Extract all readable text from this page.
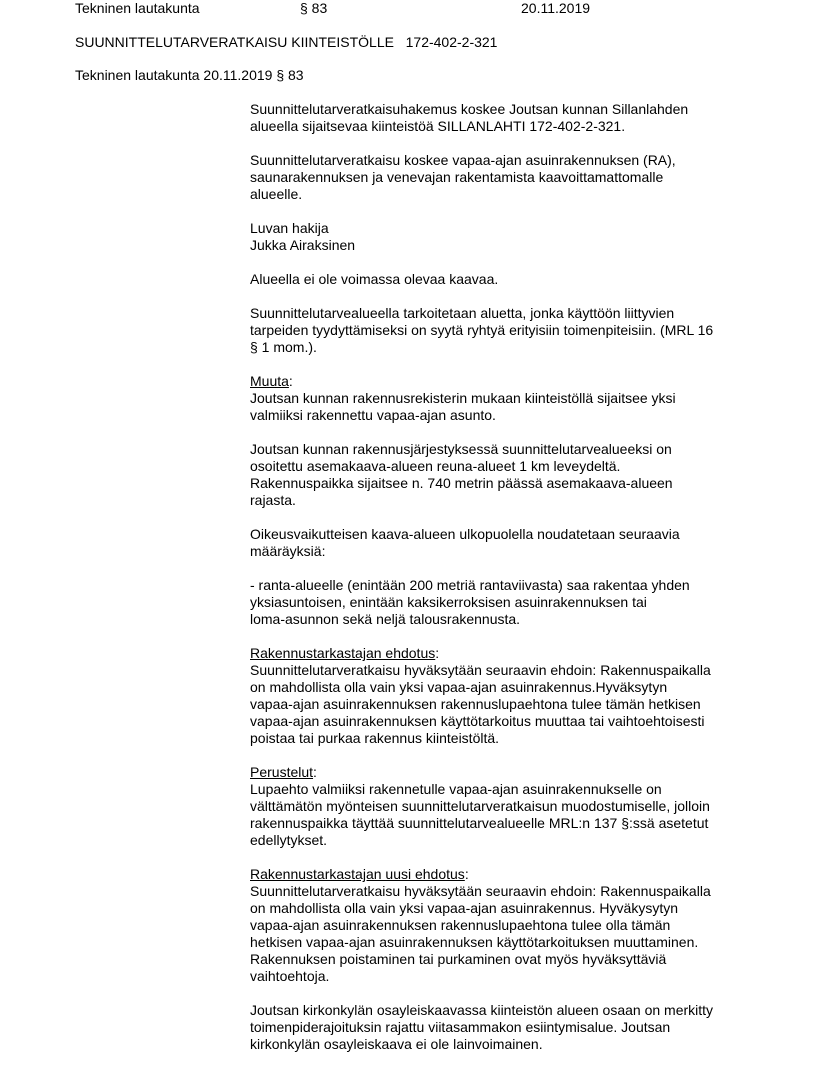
Tekninen lautakunta	§ 83	20.11.2019
SUUNNITTELUTARVERATKAISU KIINTEISTÖLLE   172-402-2-321
Tekninen lautakunta 20.11.2019 § 83
Suunnittelutarveratkaisuhakemus koskee Joutsan kunnan Sillanlahden
alueella sijaitsevaa kiinteistöä SILLANLAHTI 172-402-2-321.
Suunnittelutarveratkaisu koskee vapaa-ajan asuinrakennuksen (RA),
saunarakennuksen ja venevajan rakentamista kaavoittamattomalle
alueelle.
Luvan hakija
Jukka Airaksinen
Alueella ei ole voimassa olevaa kaavaa.
Suunnittelutarvealueella tarkoitetaan aluetta, jonka käyttöön liittyvien
tarpeiden tyydyttämiseksi on syytä ryhtyä erityisiin toimenpiteisiin. (MRL 16
§ 1 mom.).
Muuta:
Joutsan kunnan rakennusrekisterin mukaan kiinteistöllä sijaitsee yksi
valmiiksi rakennettu vapaa-ajan asunto.
Joutsan kunnan rakennusjärjestyksessä suunnittelutarvealueeksi on
osoitettu asemakaava-alueen reuna-alueet 1 km leveydeltä.
Rakennuspaikka sijaitsee n. 740 metrin päässä asemakaava-alueen
rajasta.
Oikeusvaikutteisen kaava-alueen ulkopuolella noudatetaan seuraavia
määräyksiä:
- ranta-alueelle (enintään 200 metriä rantaviivasta) saa rakentaa yhden
yksiasuntoisen, enintään kaksikerroksisen asuinrakennuksen tai
loma-asunnon sekä neljä talousrakennusta.
Rakennustarkastajan ehdotus:
Suunnittelutarveratkaisu hyväksytään seuraavin ehdoin: Rakennuspaikalla
on mahdollista olla vain yksi vapaa-ajan asuinrakennus.Hyväksytyn
vapaa-ajan asuinrakennuksen rakennuslupaehtona tulee tämän hetkisen
vapaa-ajan asuinrakennuksen käyttötarkoitus muuttaa tai vaihtoehtoisesti
poistaa tai purkaa rakennus kiinteistöltä.
Perustelut:
Lupaehto valmiiksi rakennetulle vapaa-ajan asuinrakennukselle on
välttämätön myönteisen suunnittelutarveratkaisun muodostumiselle, jolloin
rakennuspaikka täyttää suunnittelutarvealueelle MRL:n 137 §:ssä asetetut
edellytykset.
Rakennustarkastajan uusi ehdotus:
Suunnittelutarveratkaisu hyväksytään seuraavin ehdoin: Rakennuspaikalla
on mahdollista olla vain yksi vapaa-ajan asuinrakennus. Hyväkysytyn
vapaa-ajan asuinrakennuksen rakennuslupaehtona tulee olla tämän
hetkisen vapaa-ajan asuinrakennuksen käyttötarkoituksen muuttaminen.
Rakennuksen poistaminen tai purkaminen ovat myös hyväksyttäviä
vaihtoehtoja.
Joutsan kirkonkylän osayleiskaavassa kiinteistön alueen osaan on merkitty
toimenpiderajoituksin rajattu viitasammakon esiintymisalue. Joutsan
kirkonkylän osayleiskaava ei ole lainvoimainen.
